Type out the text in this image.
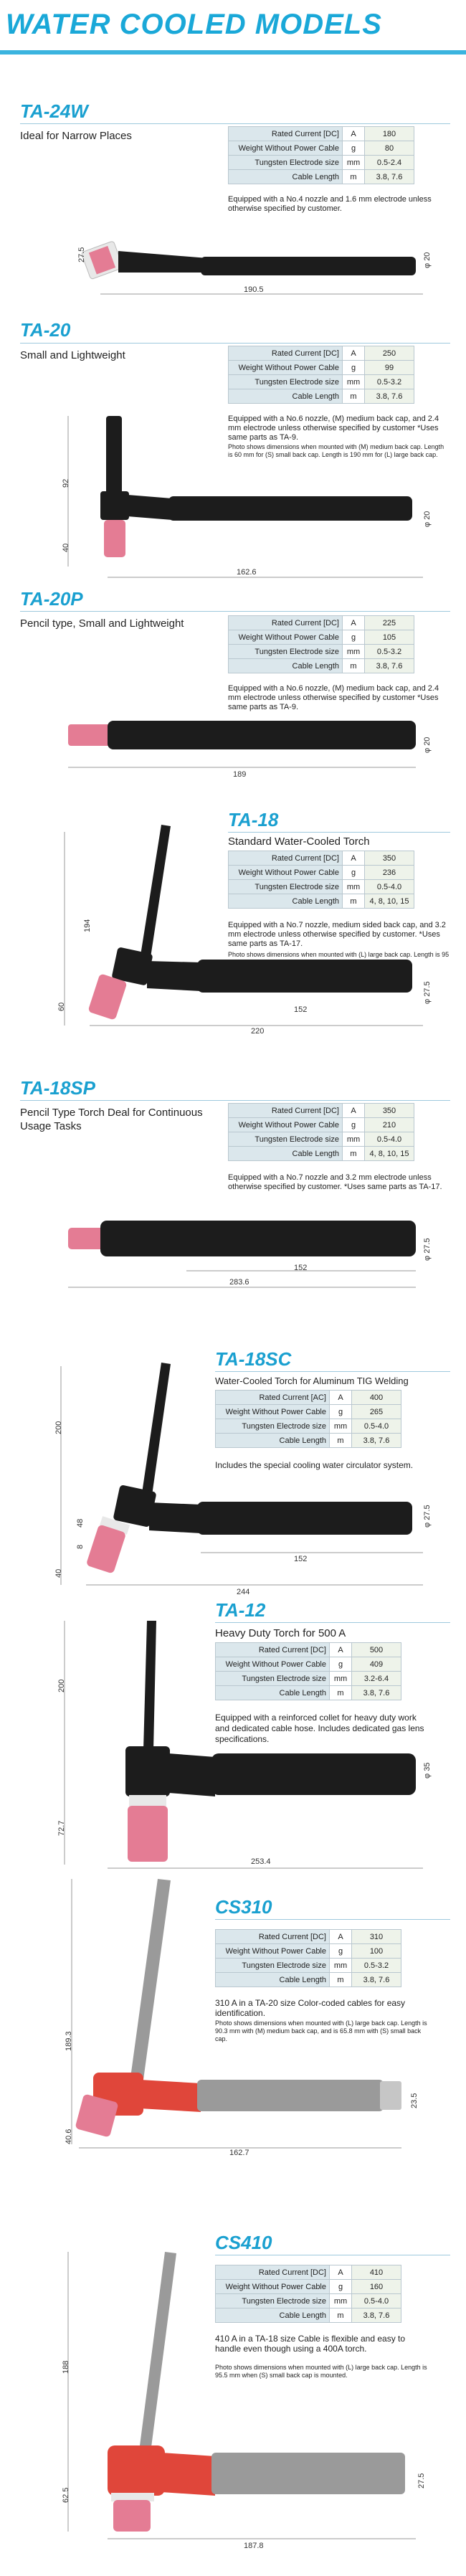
WATER COOLED MODELS
TA-24W
Ideal for Narrow Places	Rated Current [DC]	A	180
Weight Without Power Cable	g	80
Tungsten Electrode size	mm	0.5-2.4
Cable Length	m	3.8, 7.6
Equipped with a No.4 nozzle and 1.6 mm electrode unless otherwise specified by customer.
27.5
190.5
φ 20
TA-20
Small and Lightweight	Rated Current [DC]	A	250
Weight Without Power Cable	g	99
Tungsten Electrode size	mm	0.5-3.2
Cable Length	m	3.8, 7.6
Equipped with a No.6 nozzle, (M) medium back cap, and 2.4 mm electrode unless otherwise specified by customer *Uses same parts as TA-9.
Photo shows dimensions when mounted with (M) medium back cap. Length is 60 mm for (S) small back cap. Length is 190 mm for (L) large back cap.
92
40
162.6
φ 20
TA-20P
Pencil type, Small and Lightweight	Rated Current [DC]	A	225
Weight Without Power Cable	g	105
Tungsten Electrode size	mm	0.5-3.2
Cable Length	m	3.8, 7.6
Equipped with a No.6 nozzle, (M) medium back cap, and 2.4 mm electrode unless otherwise specified by customer *Uses same parts as TA-9.
189
φ 20
TA-18
Standard Water-Cooled Torch
Rated Current [DC]	A	350
Weight Without Power Cable	g	236
Tungsten Electrode size	mm	0.5-4.0
Cable Length	m	4, 8, 10, 15
Equipped with a No.7 nozzle, medium sided back cap, and 3.2 mm electrode unless otherwise specified by customer. *Uses same parts as TA-17.
Photo shows dimensions when mounted with (L) large back cap. Length is 95
194
60	152
220
φ 27.5
TA-18SP
Pencil Type Torch Deal for Continuous Usage Tasks
Rated Current [DC]	A	350
Weight Without Power Cable	g	210
Tungsten Electrode size	mm	0.5-4.0
Cable Length	m	4, 8, 10, 15
Equipped with a No.7 nozzle and 3.2 mm electrode unless otherwise specified by customer. *Uses same parts as TA-17.
152
283.6
φ 27.5
TA-18SC
Water-Cooled Torch for Aluminum TIG Welding
Rated Current [AC]	A	400
Weight Without Power Cable	g	265
Tungsten Electrode size	mm	0.5-4.0
Cable Length	m	3.8, 7.6
Includes the special cooling water circulator system.
200
48
8
40
152
244
φ 27.5
TA-12
Heavy Duty Torch for 500 A
Rated Current [DC]	A	500
Weight Without Power Cable	g	409
Tungsten Electrode size	mm	3.2-6.4
Cable Length	m	3.8, 7.6
Equipped with a reinforced collet for heavy duty work and dedicated cable hose. Includes dedicated gas lens specifications.
200
72.7
253.4
φ 35
CS310
Rated Current [DC]	A	310
Weight Without Power Cable	g	100
Tungsten Electrode size	mm	0.5-3.2
Cable Length	m	3.8, 7.6
310 A in a TA-20 size Color-coded cables for easy identification.
Photo shows dimensions when mounted with (L) large back cap. Length is 90.3 mm with (M) medium back cap, and is 65.8 mm with (S) small back cap.
189.3
40.6
162.7
23.5
CS410
Rated Current [DC]	A	410
Weight Without Power Cable	g	160
Tungsten Electrode size	mm	0.5-4.0
Cable Length	m	3.8, 7.6
410 A in a TA-18 size Cable is flexible and easy to handle even though using a 400A torch.
Photo shows dimensions when mounted with (L) large back cap. Length is 95.5 mm when (S) small back cap is mounted.
188
62.5
187.8
27.5
